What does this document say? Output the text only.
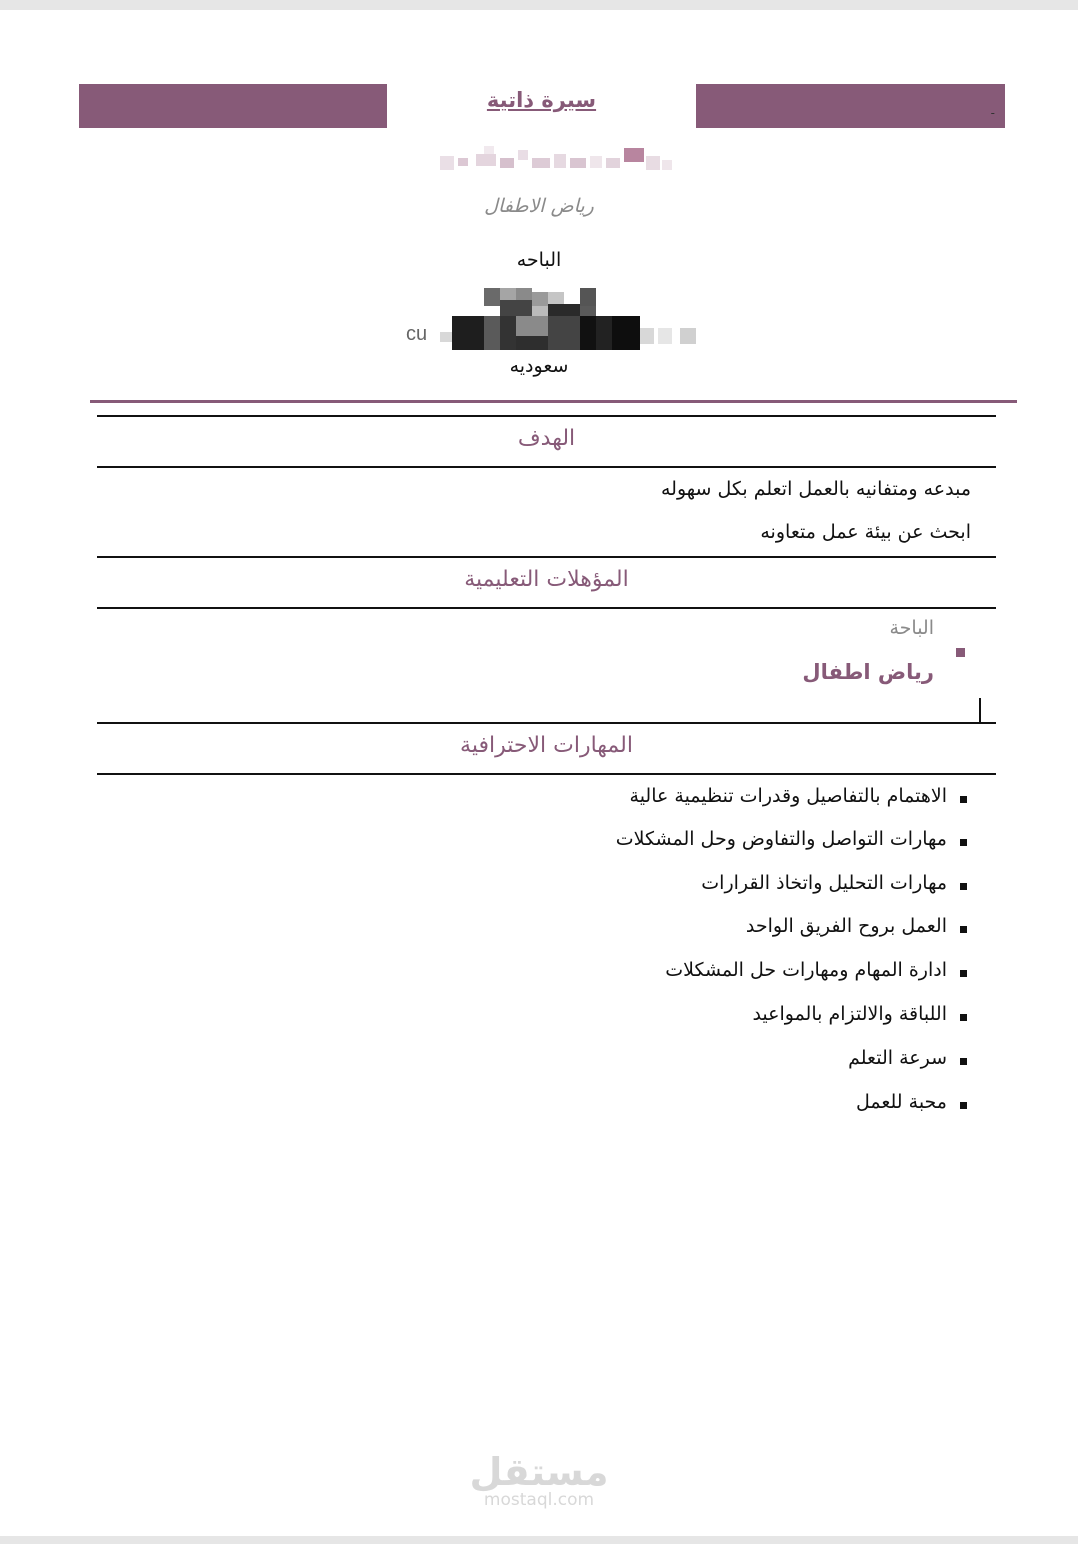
-
سيرة ذاتية
رياض الاطفال
الباحه
cu
سعوديه
الهدف
مبدعه ومتفانيه بالعمل اتعلم بكل سهوله
ابحث عن بيئة عمل متعاونه
المؤهلات التعليمية
الباحة
رياض اطفال
المهارات الاحترافية
الاهتمام بالتفاصيل وقدرات تنظيمية عالية
مهارات التواصل والتفاوض وحل المشكلات
مهارات التحليل واتخاذ القرارات
العمل بروح الفريق الواحد
ادارة المهام ومهارات حل المشكلات
اللباقة والالتزام بالمواعيد
سرعة التعلم
محبة للعمل
مستقل
mostaql.com
